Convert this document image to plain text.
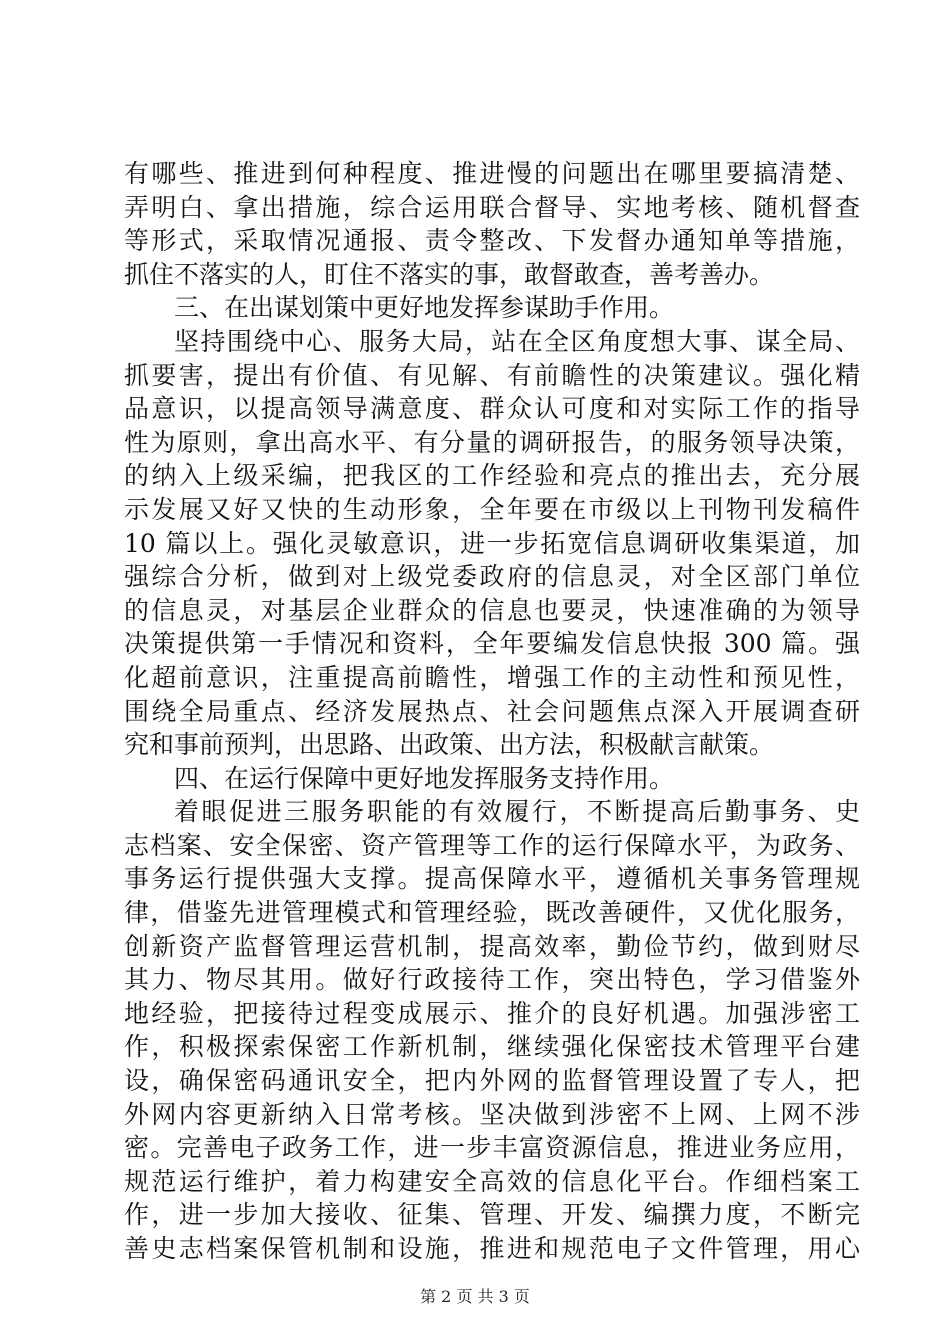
有哪些、推进到何种程度、推进慢的问题出在哪里要搞清楚、
弄明白、拿出措施，综合运用联合督导、实地考核、随机督查
等形式，采取情况通报、责令整改、下发督办通知单等措施，
抓住不落实的人，盯住不落实的事，敢督敢查，善考善办。
三、在出谋划策中更好地发挥参谋助手作用。
坚持围绕中心、服务大局，站在全区角度想大事、谋全局、
抓要害，提出有价值、有见解、有前瞻性的决策建议。强化精
品意识，以提高领导满意度、群众认可度和对实际工作的指导
性为原则，拿出高水平、有分量的调研报告，的服务领导决策，
的纳入上级采编，把我区的工作经验和亮点的推出去，充分展
示发展又好又快的生动形象，全年要在市级以上刊物刊发稿件
10 篇以上。强化灵敏意识，进一步拓宽信息调研收集渠道，加
强综合分析，做到对上级党委政府的信息灵，对全区部门单位
的信息灵，对基层企业群众的信息也要灵，快速准确的为领导
决策提供第一手情况和资料，全年要编发信息快报 300 篇。强
化超前意识，注重提高前瞻性，增强工作的主动性和预见性，
围绕全局重点、经济发展热点、社会问题焦点深入开展调查研
究和事前预判，出思路、出政策、出方法，积极献言献策。
四、在运行保障中更好地发挥服务支持作用。
着眼促进三服务职能的有效履行，不断提高后勤事务、史
志档案、安全保密、资产管理等工作的运行保障水平，为政务、
事务运行提供强大支撑。提高保障水平，遵循机关事务管理规
律，借鉴先进管理模式和管理经验，既改善硬件，又优化服务，
创新资产监督管理运营机制，提高效率，勤俭节约，做到财尽
其力、物尽其用。做好行政接待工作，突出特色，学习借鉴外
地经验，把接待过程变成展示、推介的良好机遇。加强涉密工
作，积极探索保密工作新机制，继续强化保密技术管理平台建
设，确保密码通讯安全，把内外网的监督管理设置了专人，把
外网内容更新纳入日常考核。坚决做到涉密不上网、上网不涉
密。完善电子政务工作，进一步丰富资源信息，推进业务应用，
规范运行维护，着力构建安全高效的信息化平台。作细档案工
作，进一步加大接收、征集、管理、开发、编撰力度，不断完
善史志档案保管机制和设施，推进和规范电子文件管理，用心
第 2 页 共 3 页
